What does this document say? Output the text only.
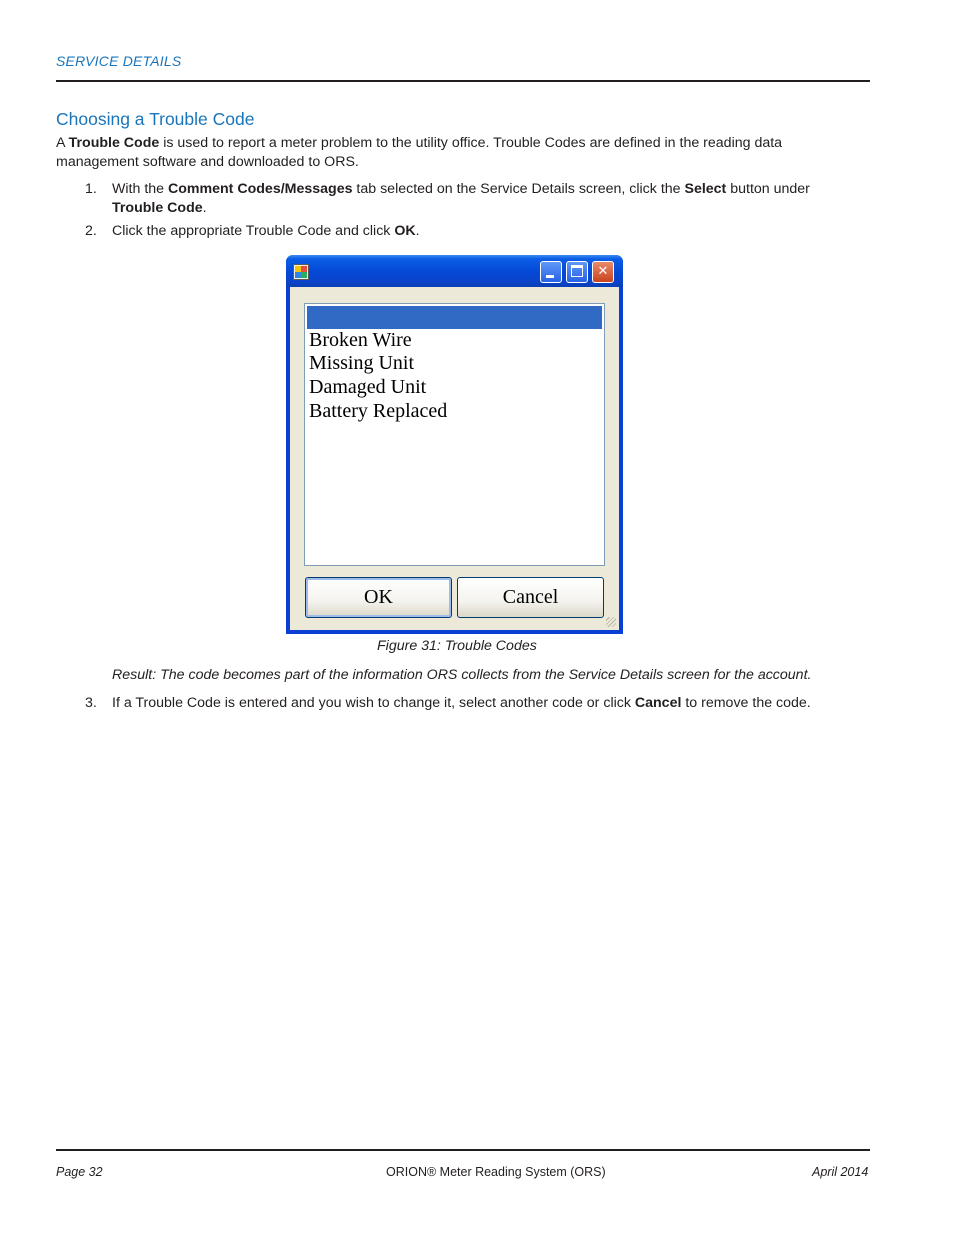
SERVICE DETAILS
Choosing a Trouble Code
A Trouble Code is used to report a meter problem to the utility office. Trouble Codes are defined in the reading data management software and downloaded to ORS.
1. With the Comment Codes/Messages tab selected on the Service Details screen, click the Select button under
Trouble Code.
2. Click the appropriate Trouble Code and click OK.
✕
Broken Wire
Missing Unit
Damaged Unit
Battery Replaced
OK	Cancel
Figure 31: Trouble Codes
Result: The code becomes part of the information ORS collects from the Service Details screen for the account.
3. If a Trouble Code is entered and you wish to change it, select another code or click Cancel to remove the code.
Page 32	ORION® Meter Reading System (ORS)	April 2014
